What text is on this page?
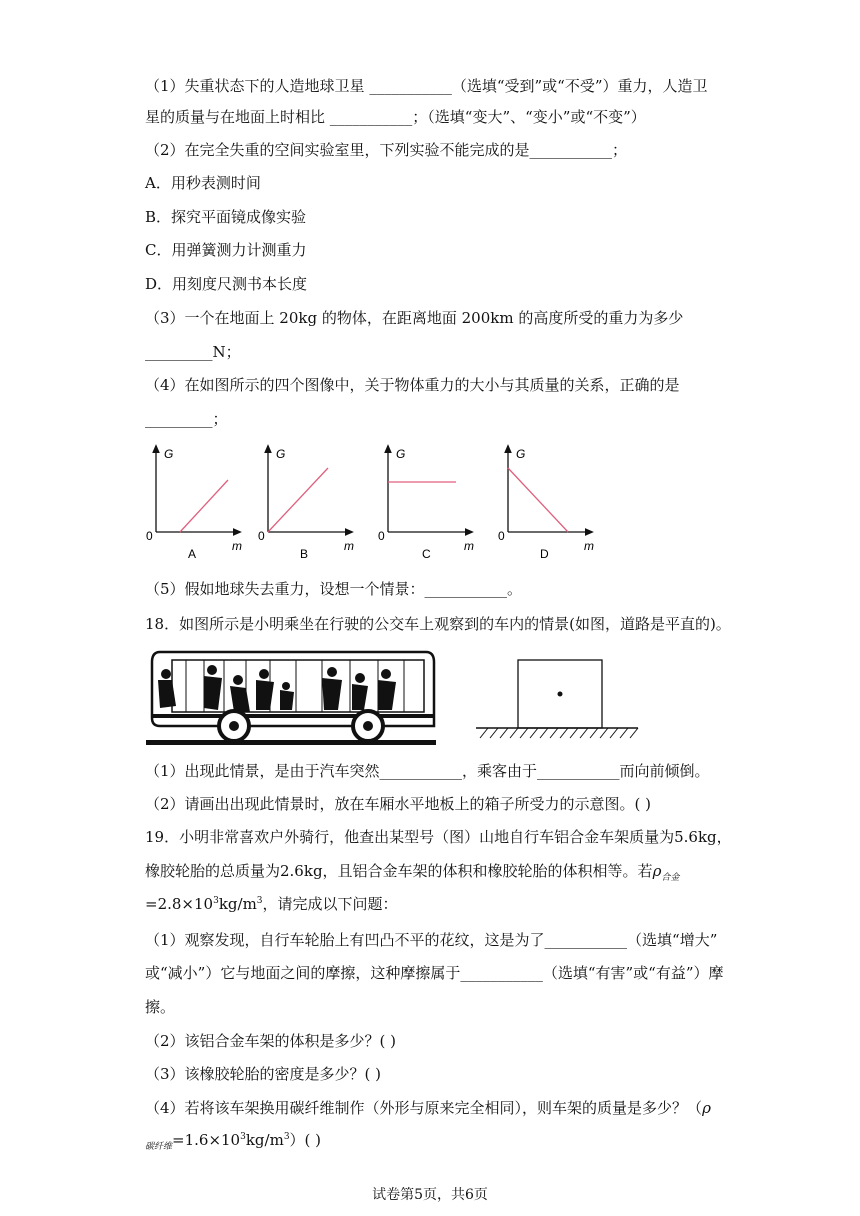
（1）失重状态下的人造地球卫星 ___________（选填“受到”或“不受”）重力，人造卫
星的质量与在地面上时相比 ___________；（选填“变大”、“变小”或“不变”）
（2）在完全失重的空间实验室里，下列实验不能完成的是___________；
A．用秒表测时间
B．探究平面镜成像实验
C．用弹簧测力计测重力
D．用刻度尺测书本长度
（3）一个在地面上 20kg 的物体，在距离地面 200km 的高度所受的重力为多少
_________N；
（4）在如图所示的四个图像中，关于物体重力的大小与其质量的关系，正确的是
_________；
G
0
m
A
G
0
m
B
G
0
m
C
G
0
m
D
（5）假如地球失去重力，设想一个情景：___________。
18．如图所示是小明乘坐在行驶的公交车上观察到的车内的情景(如图，道路是平直的)。
（1）出现此情景，是由于汽车突然___________，乘客由于___________而向前倾倒。
（2）请画出出现此情景时，放在车厢水平地板上的箱子所受力的示意图。( )
19．小明非常喜欢户外骑行，他查出某型号（图）山地自行车铝合金车架质量为5.6kg，
橡胶轮胎的总质量为2.6kg，且铝合金车架的体积和橡胶轮胎的体积相等。若$\rho_{合金}$
$=2.8\times 10^3kg/m^3$，请完成以下问题：
（1）观察发现，自行车轮胎上有凹凸不平的花纹，这是为了___________（选填“增大”
或“减小”）它与地面之间的摩擦，这种摩擦属于___________（选填“有害”或“有益”）摩
擦。
（2）该铝合金车架的体积是多少？( )
（3）该橡胶轮胎的密度是多少？( )
（4）若将该车架换用碳纤维制作（外形与原来完全相同），则车架的质量是多少？（ρ
$_{碳纤维}=1.6\times 10^3kg/m^3$）( )
试卷第5页，共6页
